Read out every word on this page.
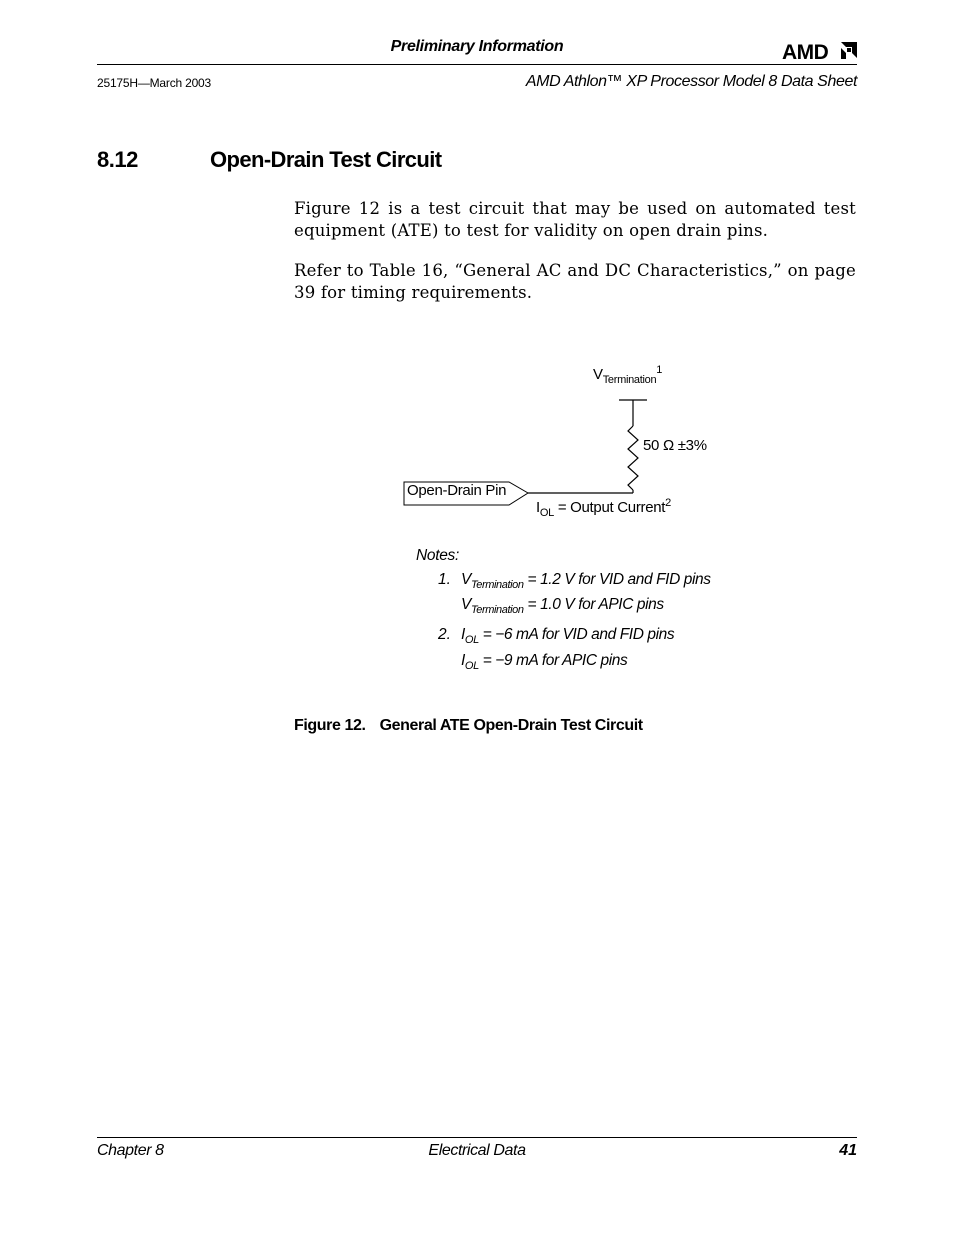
Preliminary Information	AMD
25175H—March 2003	AMD Athlon™ XP Processor Model 8 Data Sheet
8.12	Open-Drain Test Circuit
Figure 12 is a test circuit that may be used on automated test equipment (ATE) to test for validity on open drain pins.
Refer to Table 16, “General AC and DC Characteristics,” on page 39 for timing requirements.
$V_{Termination}^1$
50 Ω ±3%
Open-Drain Pin
$I_{OL}$ = Output Current$^2$
Notes:
1. $V_{Termination} = 1.2$ V for VID and FID pins
$V_{Termination} = 1.0$ V for APIC pins
2. $I_{OL} = -6$ mA for VID and FID pins
$I_{OL} = -9$ mA for APIC pins
Figure 12. General ATE Open-Drain Test Circuit
Chapter 8	Electrical Data	41
